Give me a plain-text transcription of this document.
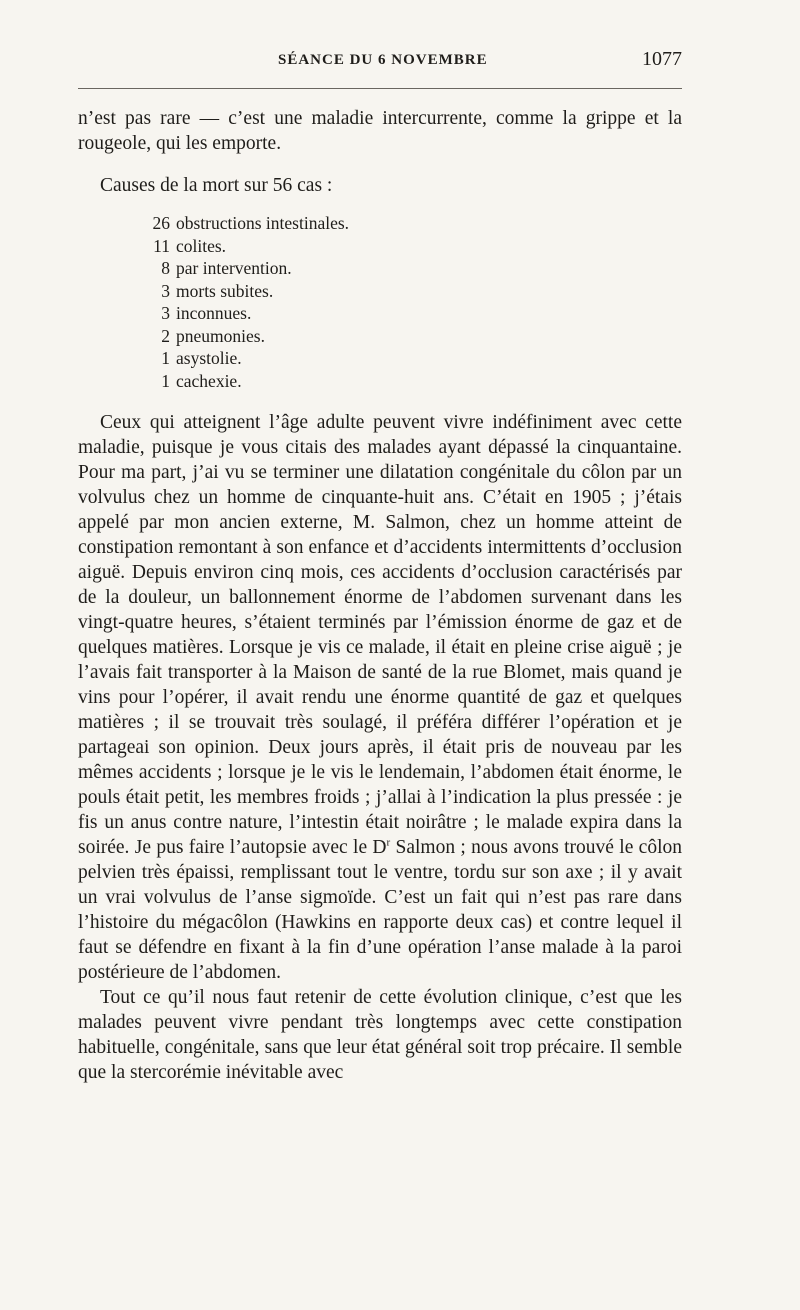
SÉANCE DU 6 NOVEMBRE	1077

n’est pas rare — c’est une maladie intercurrente, comme la grippe et la rougeole, qui les emporte.

Causes de la mort sur 56 cas :

26 obstructions intestinales.
11 colites.
8 par intervention.
3 morts subites.
3 inconnues.
2 pneumonies.
1 asystolie.
1 cachexie.

Ceux qui atteignent l’âge adulte peuvent vivre indéfiniment avec cette maladie, puisque je vous citais des malades ayant dépassé la cinquantaine. Pour ma part, j’ai vu se terminer une dilatation congénitale du côlon par un volvulus chez un homme de cinquante-huit ans. C’était en 1905 ; j’étais appelé par mon ancien externe, M. Salmon, chez un homme atteint de constipation remontant à son enfance et d’accidents intermittents d’occlusion aiguë. Depuis environ cinq mois, ces accidents d’occlusion caractérisés par de la douleur, un ballonnement énorme de l’abdomen survenant dans les vingt-quatre heures, s’étaient terminés par l’émission énorme de gaz et de quelques matières. Lorsque je vis ce malade, il était en pleine crise aiguë ; je l’avais fait transporter à la Maison de santé de la rue Blomet, mais quand je vins pour l’opérer, il avait rendu une énorme quantité de gaz et quelques matières ; il se trouvait très soulagé, il préféra différer l’opération et je partageai son opinion. Deux jours après, il était pris de nouveau par les mêmes accidents ; lorsque je le vis le lendemain, l’abdomen était énorme, le pouls était petit, les membres froids ; j’allai à l’indication la plus pressée : je fis un anus contre nature, l’intestin était noirâtre ; le malade expira dans la soirée. Je pus faire l’autopsie avec le $D^r$ Salmon ; nous avons trouvé le côlon pelvien très épaissi, remplissant tout le ventre, tordu sur son axe ; il y avait un vrai volvulus de l’anse sigmoïde. C’est un fait qui n’est pas rare dans l’histoire du mégacôlon (Hawkins en rapporte deux cas) et contre lequel il faut se défendre en fixant à la fin d’une opération l’anse malade à la paroi postérieure de l’abdomen.

Tout ce qu’il nous faut retenir de cette évolution clinique, c’est que les malades peuvent vivre pendant très longtemps avec cette constipation habituelle, congénitale, sans que leur état général soit trop précaire. Il semble que la stercorémie inévitable avec
